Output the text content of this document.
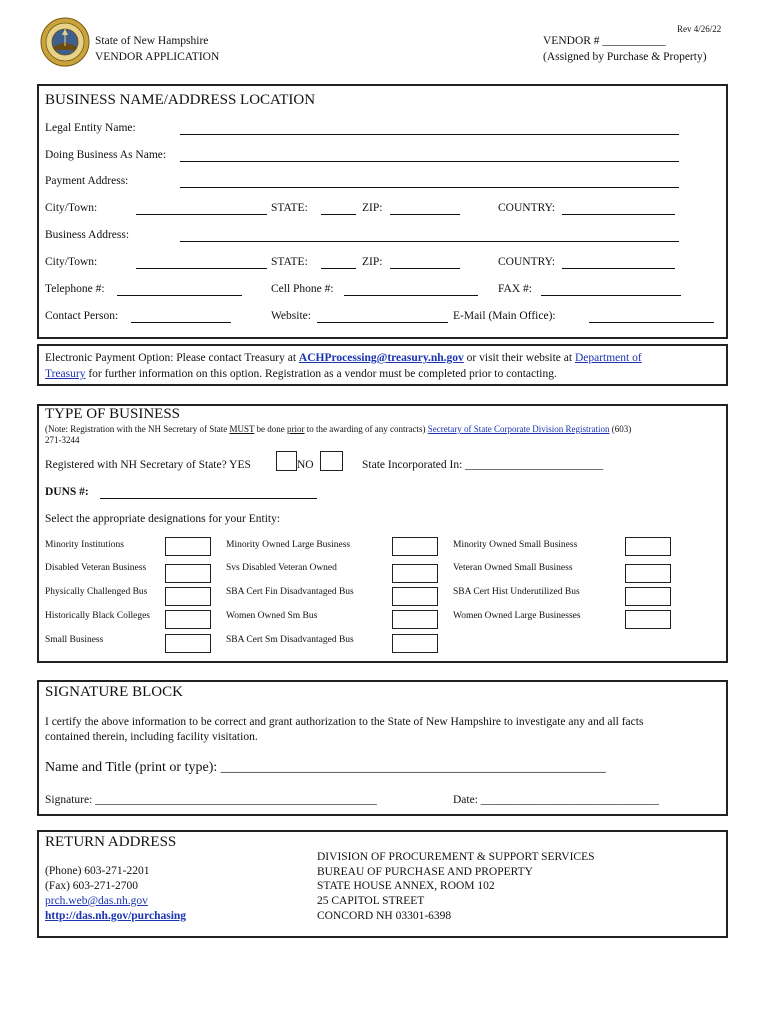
State of New Hampshire
VENDOR APPLICATION
Rev 4/26/22
VENDOR # ___________
(Assigned by Purchase & Property)
BUSINESS NAME/ADDRESS LOCATION
Legal Entity Name:
Doing Business As Name:
Payment Address:
City/Town:	STATE:	ZIP:	COUNTRY:
Business Address:
City/Town:	STATE:	ZIP:	COUNTRY:
Telephone #:	Cell Phone #:	FAX #:
Contact Person:	Website:	E-Mail (Main Office):
Electronic Payment Option: Please contact Treasury at ACHProcessing@treasury.nh.gov or visit their website at Department of
Treasury for further information on this option. Registration as a vendor must be completed prior to contacting.
TYPE OF BUSINESS
(Note: Registration with the NH Secretary of State MUST be done prior to the awarding of any contracts) Secretary of State Corporate Division Registration (603)
271-3244
Registered with NH Secretary of State? YES	NO	State Incorporated In: ________________________
DUNS #:
Select the appropriate designations for your Entity:
Minority Institutions	Minority Owned Large Business	Minority Owned Small Business
Disabled Veteran Business	Svs Disabled Veteran Owned	Veteran Owned Small Business
Physically Challenged Bus	SBA Cert Fin Disadvantaged Bus	SBA Cert Hist Underutilized Bus
Historically Black Colleges	Women Owned Sm Bus	Women Owned Large Businesses
Small Business	SBA Cert Sm Disadvantaged Bus
SIGNATURE BLOCK
I certify the above information to be correct and grant authorization to the State of New Hampshire to investigate any and all facts
contained therein, including facility visitation.
Name and Title (print or type): _______________________________________________________
Signature: _________________________________________________	Date: _______________________________
RETURN ADDRESS
(Phone) 603-271-2201
(Fax) 603-271-2700
prch.web@das.nh.gov
http://das.nh.gov/purchasing
DIVISION OF PROCUREMENT & SUPPORT SERVICES
BUREAU OF PURCHASE AND PROPERTY
STATE HOUSE ANNEX, ROOM 102
25 CAPITOL STREET
CONCORD NH 03301-6398
